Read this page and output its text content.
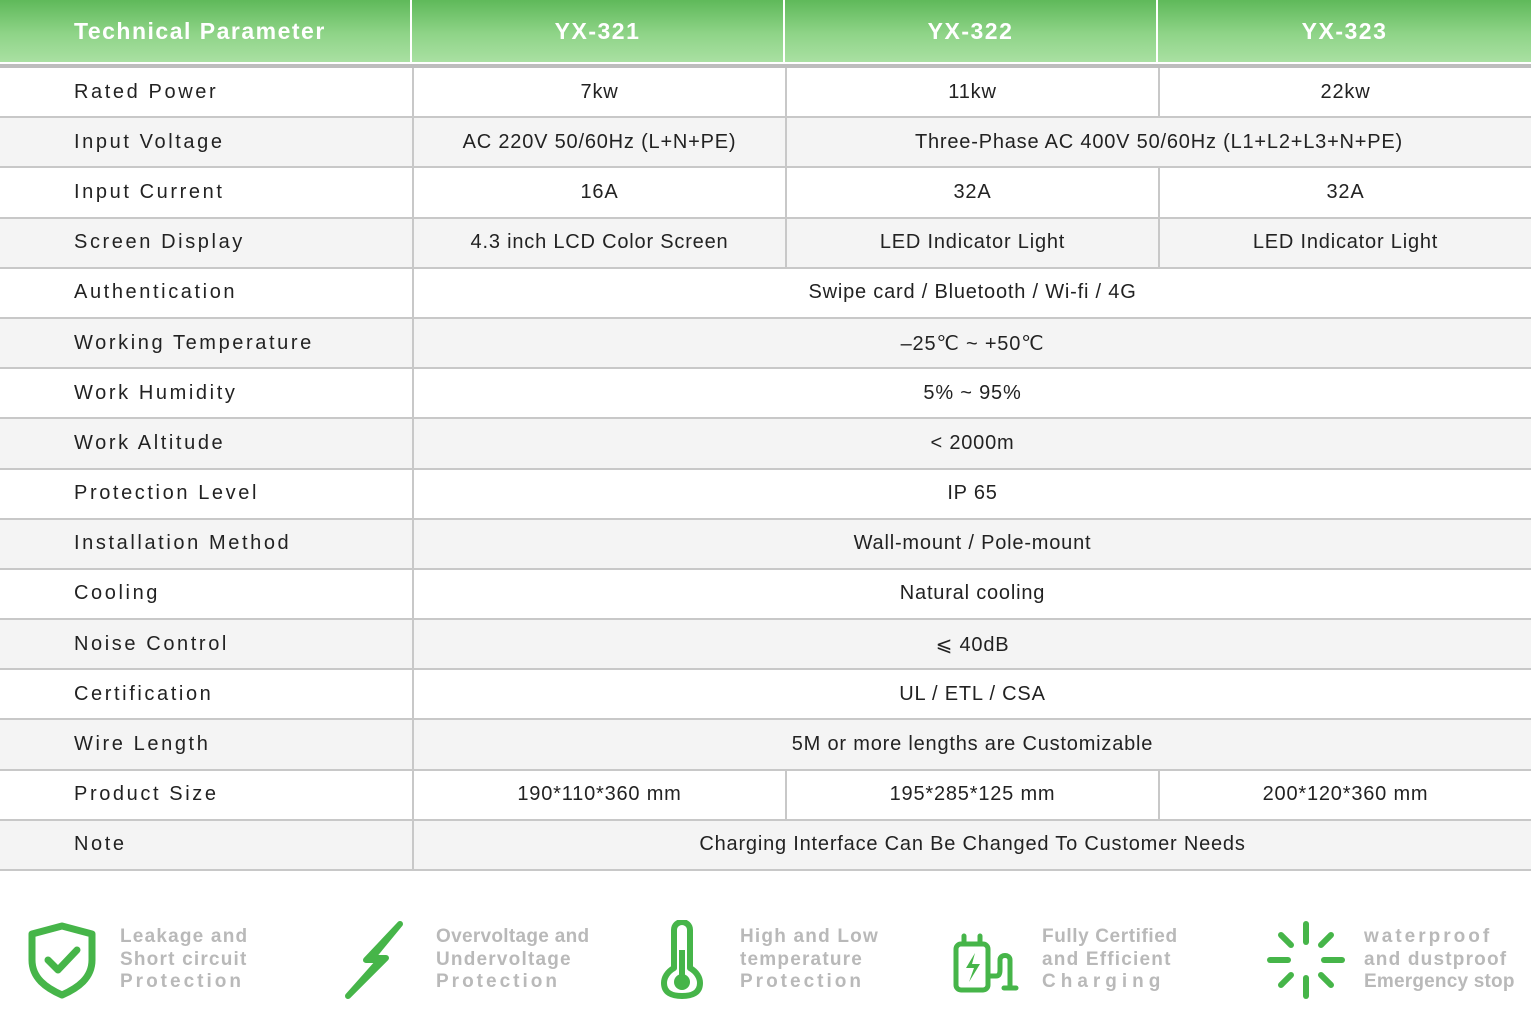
Technical Parameter	YX-321	YX-322	YX-323
Rated Power	7kw	11kw	22kw
Input Voltage	AC 220V 50/60Hz (L+N+PE)	Three-Phase AC 400V 50/60Hz (L1+L2+L3+N+PE)
Input Current	16A	32A	32A
Screen Display	4.3 inch LCD Color Screen	LED Indicator Light	LED Indicator Light
Authentication	Swipe card / Bluetooth / Wi-fi / 4G
Working Temperature	–25℃ ~ +50℃
Work Humidity	5% ~ 95%
Work Altitude	< 2000m
Protection Level	IP 65
Installation Method	Wall-mount / Pole-mount
Cooling	Natural cooling
Noise Control	⩽ 40dB
Certification	UL / ETL / CSA
Wire Length	5M or more lengths are Customizable
Product Size	190*110*360 mm	195*285*125 mm	200*120*360 mm
Note	Charging Interface Can Be Changed To Customer Needs
Leakage and
Short circuit
Protection
Overvoltage and
Undervoltage
Protection
High and Low
temperature
Protection
Fully Certified
and Efficient
Charging
waterproof
and dustproof
Emergency stop
